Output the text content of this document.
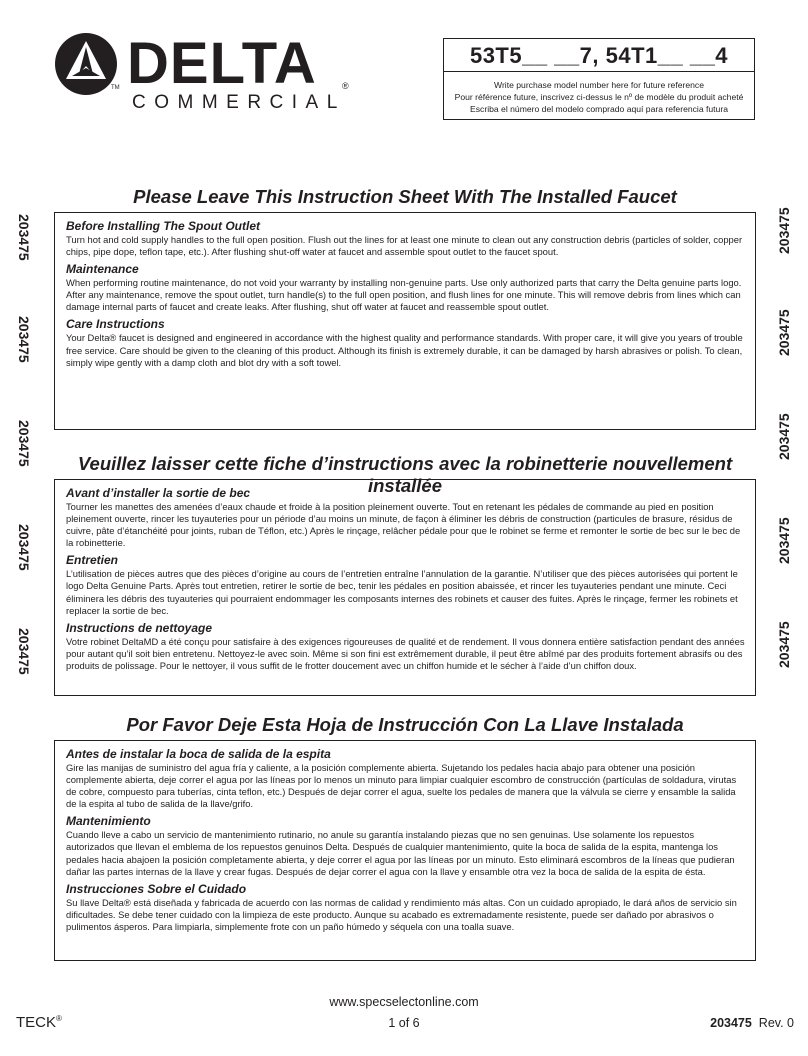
DELTA
COMMERCIAL
TM	®
53T5__ __7, 54T1__ __4
Write purchase model number here for future reference
Pour référence future, inscrivez ci-dessus le nº de modèle du produit acheté
Escriba el número del modelo comprado aquí para referencia futura
203475
203475
203475
203475
203475
203475
203475
203475
203475
203475
Please Leave This Instruction Sheet With The Installed Faucet
Before Installing The Spout Outlet

Turn hot and cold supply handles to the full open position. Flush out the lines for at least one minute to clean out any construction debris (particles of solder, copper chips, pipe dope, teflon tape, etc.). After flushing shut-off water at faucet and assemble spout outlet to the faucet spout.

Maintenance

When performing routine maintenance, do not void your warranty by installing non-genuine parts. Use only authorized parts that carry the Delta genuine parts logo. After any maintenance, remove the spout outlet, turn handle(s) to the full open position, and flush lines for one minute. This will remove debris from lines which can damage internal parts of faucet and create leaks. After flushing, shut off water at faucet and reassemble spout outlet.

Care Instructions

Your Delta® faucet is designed and engineered in accordance with the highest quality and performance standards. With proper care, it will give you years of trouble free service. Care should be given to the cleaning of this product. Although its finish is extremely durable, it can be damaged by harsh abrasives or polish. To clean, simply wipe gently with a damp cloth and blot dry with a soft towel.

Veuillez laisser cette fiche d’instructions avec la robinetterie nouvellement installée
Avant d’installer la sortie de bec

Tourner les manettes des amenées d’eaux chaude et froide à la position pleinement ouverte. Tout en retenant les pédales de commande au pied en position pleinement ouverte, rincer les tuyauteries pour un période d’au moins un minute, de façon à éliminer les débris de construction (particules de brasure, résidus de cuivre, pâte d’étanchéité pour joints, ruban de Téflon, etc.) Après le rinçage, relâcher pédale pour que le robinet se ferme et remonter le sortie de bec sur le bec de la robinetterie.

Entretien

L’utilisation de pièces autres que des pièces d’origine au cours de l’entretien entraîne l’annulation de la garantie. N’utiliser que des pièces autorisées qui portent le logo Delta Genuine Parts. Après tout entretien, retirer le sortie de bec, tenir les pédales en position abaissée, et rincer les tuyauteries pendant une minute. Ceci éliminera les débris des tuyauteries qui pourraient endommager les composants internes des robinets et causer des fuites. Après le rinçage, fermer les robinets et replacer la sortie de bec.

Instructions de nettoyage

Votre robinet DeltaMD a été conçu pour satisfaire à des exigences rigoureuses de qualité et de rendement. Il vous donnera entière satisfaction pendant des années pour autant qu’il soit bien entretenu. Nettoyez-le avec soin. Même si son fini est extrêmement durable, il peut être abîmé par des produits fortement abrasifs ou des produits de polissage. Pour le nettoyer, il vous suffit de le frotter doucement avec un chiffon humide et le sécher à l’aide d’un chiffon doux.

Por Favor Deje Esta Hoja de Instrucción Con La Llave Instalada
Antes de instalar la boca de salida de la espita

Gire las manijas de suministro del agua fría y caliente, a la posición complemente abierta. Sujetando los pedales hacia abajo para obtener una posición complemente abierta, deje correr el agua por las líneas por lo menos un minuto para limpiar cualquier escombro de construcción (partículas de soldadura, virutas de cobre, compuesto para tuberías, cinta teflon, etc.) Después de dejar correr el agua, suelte los pedales de manera que la válvula se cierre y ensamble la salida de la espita al tubo de salida de la llave/grifo.

Mantenimiento

Cuando lleve a cabo un servicio de mantenimiento rutinario, no anule su garantía instalando piezas que no sen genuinas. Use solamente los repuestos autorizados que llevan el emblema de los repuestos genuinos Delta. Después de cualquier mantenimiento, quite la boca de salida de la espita, mantenga los pedales hacia abajoen la posición completamente abierta, y deje correr el agua por las líneas por un minuto. Esto eliminará escombros de la líneas que pudieran dañar las partes internas de la llave y crear fugas. Después de dejar correr el agua con la llave y ensamble otra vez la boca de salida de la espita de ésta.

Instrucciones Sobre el Cuidado

Su llave Delta® está diseñada y fabricada de acuerdo con las normas de calidad y rendimiento más altas. Con un cuidado apropiado, le dará años de servicio sin dificultades. Se debe tener cuidado con la limpieza de este producto. Aunque su acabado es extremadamente resistente, puede ser dañado por abrasivos o pulimentos ásperos. Para limpiarla, simplemente frote con un paño húmedo y séquela con una toalla suave.

www.specselectonline.com
1 of 6
TECK®	203475 Rev. 0
